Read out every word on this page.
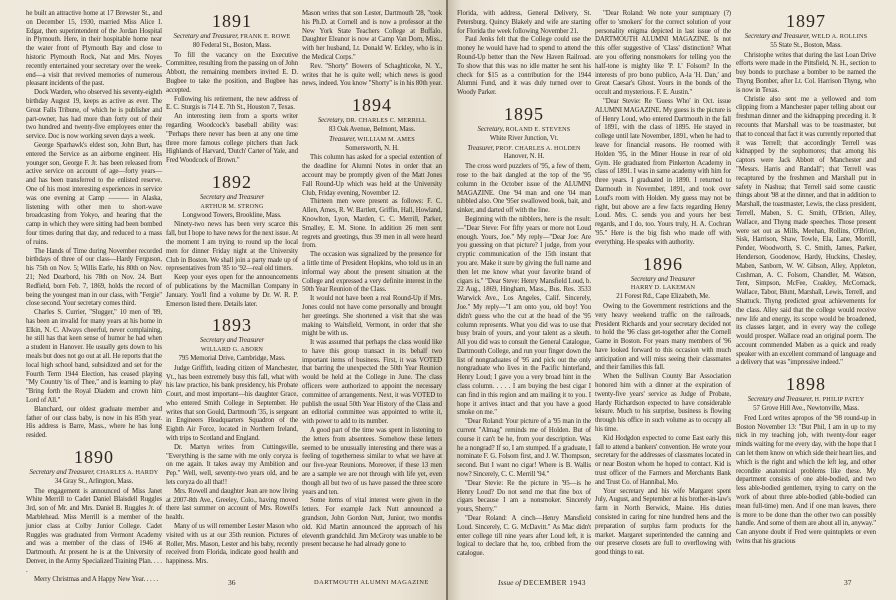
he built an attractive home at 17 Brewster St., and on December 15, 1930, married Miss Alice I. Edgar, then superintendent of the Jordan Hospital in Plymouth. Here, in their hospitable home near the water front of Plymouth Bay and close to historic Plymouth Rock, Nat and Mrs. Noyes recently entertained your secretary over the week-end—a visit that revived memories of numerous pleasant incidents of the past.

Dock Warden, who observed his seventy-eighth birthday August 19, keeps as active as ever. The Great Falls Tribune, of which he is publisher and part-owner, has had more than forty out of their two hundred and twenty-five employees enter the service. Doc is now working seven days a week.

George Sparhawk's eldest son, John Burt, has entered the Service as an airborne engineer. His younger son, George F. Jr. has been released from active service on account of age—forty years—and has been transferred to the enlisted reserve. One of his most interesting experiences in service was one evening at Camp ——— in Alaska, listening with other men to short-wave broadcasting from Yokyo, and hearing that the camp in which they were sitting had been bombed four times during that day, and reduced to a mass of ruins.

The Hands of Time during November recorded birthdays of three of our class—Hardy Ferguson, his 75th on Nov. 5; Willis Earle, his 80th on Nov. 21; Ned Dearbord, his 78th on Nov. 24. Burt Redfield, born Feb. 7, 1869, holds the record of being the youngest man in our class, with "Fergie" close second. Your secretary comes third.

Charles S. Currier, "Slugger," 10 men of '89, has been an invalid for many years at his home in Elkin, N. C. Always cheerful, never complaining, he still has that keen sense of humor he had when a student in Hanover. He usually gets down to his meals but does not go out at all. He reports that the local high school band, subsidized and set for the Fourth Term 1944 Election, has ceased playing "My Country 'tis of Thee," and is learning to play "Bring forth the Royal Diadem and crown him Lord of All."

Blanchard, our oldest graduate member and father of our class baby, is now in his 85th year. His address is Barre, Mass., where he has long resided.

1890
Secretary and Treasurer, CHARLES A. HARDY
34 Gray St., Arlington, Mass.

The engagement is announced of Miss Janet White Merrill to Cadet Daniel Blaisdell Ruggles 3rd, son of Mr. and Mrs. Daniel B. Ruggles Jr. of Marblehead. Miss Merrill is a member of the junior class at Colby Junior College. Cadet Ruggles was graduated from Vermont Academy and was a member of the class of 1946 at Dartmouth. At present he is at the University of Denver, in the Army Specialized Training Plan. . . . .

Merry Christmas and A Happy New Year. . . . .

1891
Secretary and Treasurer, FRANK E. ROWE
80 Federal St., Boston, Mass.

To fill the vacancy on the Executive Committee, resulting from the passing on of John Abbott, the remaining members invited E. D. Bugbee to take the position, and Bugbee has accepted.

Following his retirement, the new address of E. C. Sturgis is 714 E. 7th St., Houston 7, Texas.

An interesting item from a sports writer regarding Woodcock's baseball ability was: "Perhaps there never has been at any one time three more famous college pitchers than Jack Highlands of Harvard, 'Dutch' Carter of Yale, and Fred Woodcock of Brown."

1892
Secretary and Treasurer
ARTHUR M. STRONG
Longwood Towers, Brookline, Mass.

Ninety-two news has been very scarce this fall, but I hope to have news for the next issue. At the moment I am trying to round up the local men for dinner Friday night at the University Club in Boston. We shall join a party made up of representatives from '85 to '92—real old timers.

Keep your eyes open for the announcements of publications by the Macmillan Company in January. You'll find a volume by Dr. W. R. P. Emerson listed there. Details later.

1893
Secretary and Treasurer
WILLARD G. ABORN
795 Memorial Drive, Cambridge, Mass.

Judge Griffith, leading citizen of Manchester, Vt., has been extremely busy this fall, what with his law practice, his bank presidency, his Probate Court, and most important—his daughter Grace, who entered Smith College in September. He writes that son Gould, Dartmouth '35, is sergeant in Engineers Headquarters Squadron of the Eighth Air Force, located in Northern Ireland, with trips to Scotland and England.

Dr. Martyn writes from Cuttingsville, "Everything is the same with me only coryza is on me again. It takes away my Ambition and Pep." Well, well, seventy-two years old, and he lets coryza do all that!!

Mrs. Rowell and daughter Jean are now living at 2007-8th Ave., Greeley, Colo., having moved there last summer on account of Mrs. Rowell's health.

Many of us will remember Lester Mason who visited with us at our 35th reunion. Pictures of Roller, Mrs. Mason, Lester and his baby, recently received from Florida, indicate good health and happiness. Mrs.

Mason writes that son Lester, Dartmouth '28, "took his Ph.D. at Cornell and is now a professor at the New York State Teachers College at Buffalo. Daughter Eleanor is now at Camp Van Dorn, Miss., with her husband, Lt. Donald W. Eckley, who is in the Medical Corps."

Rev. "Shorty" Bowers of Schaghticoke, N. Y., writes that he is quite well; which news is good news, indeed. You know "Shorty" is in his 80th year.

1894
Secretary, DR. CHARLES C. MERRILL
83 Oak Avenue, Belmont, Mass.
Treasurer, WILLIAM M. AMES
Somersworth, N. H.

This column has asked for a special extention of the deadline for Alumni Notes in order that an account may be promptly given of the Matt Jones Fall Round-Up which was held at the University Club, Friday evening, November 12.

Thirteen men were present as follows: F. C. Allen, Ames, R. W. Bartlett, Griffin, Hall, Howland, Knowlton, Lyon, Marden, C. C. Merrill, Parker, Smalley, E. M. Stone. In addition 26 men sent regrets and greetings, thus 39 men in all were heard from.

The occasion was signalized by the presence for a little time of President Hopkins, who told us in an informal way about the present situation at the College and expressed a very definite interest in the 50th Year Reunion of the Class.

It would not have been a real Round-Up if Mrs. Jones could not have come personally and brought her greetings. She shortened a visit that she was making to Waitsfield, Vermont, in order that she might be with us.

It was assumed that perhaps the class would like to have this group transact in its behalf two important items of business. First, it was VOTED that barring the unexpected the 50th Year Reunion would be held at the College in June. The class officers were authorized to appoint the necessary committee of arrangements. Next, it was VOTED to publish the usual 50th Year History of the Class and an editorial committee was appointed to write it, with power to add to its number.

A good part of the time was spent in listening to the letters from absentees. Somehow these letters seemed to be unusually interesting and there was a feeling of togetherness similar to what we have at our five-year Reunions. Moreover, if these 13 men are a sample we are not through with life yet, even though all but two of us have passed the three score years and ten.

Some items of vital interest were given in the letters. For example Jack Nutt announced a grandson, John Gordon Nutt, Junior, two months old. Kid Martin announced the approach of his eleventh grandchild. Jim McGroty was unable to be present because he had already gone to

36	DARTMOUTH ALUMNI MAGAZINE

Florida, with address, General Delivery, St. Petersburg. Quincy Blakely and wife are starting for Florida the week following November 21.

Paul Jenks felt that the College could use the money he would have had to spend to attend the Round-Up better than the New Haven Railroad. To show that this was no idle matter he sent his check for $15 as a contribution for the 1944 Alumni Fund, and it was duly turned over to Woody Parker.

1895
Secretary, ROLAND E. STEVENS
White River Junction, Vt.
Treasurer, PROF. CHARLES A. HOLDEN
Hanover, N. H.

The cross word puzzlers of '95, a few of them, rose to the bait dangled at the top of the '95 column in the October issue of the ALUMNI MAGAZINE. One '94 man and one '04 man nibbled also. One '95er swallowed book, bait, and sinker, and darted off with the line.

Beginning with the nibblers, here is the result:—"Dear Steve: For fifty years or more not Loud enough. Yours, Joe." My reply—"Dear Joe: Are you guessing on that picture? I judge, from your cryptic communication of the 15th instant that you are. Make it sure by giving the full name and then let me know what your favorite brand of cigars is." "Dear Steve: Henry Mansfield Loud, b. 22 Aug., 1869, Hingham, Mass., Bus. Res. 3533 Warwick Ave., Los Angeles, Calif. Sincerely, Joe." My reply—"I am onto you, old boy! You didn't guess who the cut at the head of the '95 column represents. What you did was to use that busy brain of yours, and your talent as a sleuth. All you did was to consult the General Catalogue, Dartmouth College, and run your finger down the list of nongraduates of '95 and pick out the only nongraduate who lives in the Pacific hinterland, Henry Loud; I gave you a very broad hint in the class column. . . . . I am buying the best cigar I can find in this region and am mailing it to you. I hope it arrives intact and that you have a good smoke on me."

"Dear Roland: Your picture of a '95 man in the current "Almag" reminds me of Holden. But of course it can't be he, from your description. Was he a nongrad? If so, I am stumped. If a graduate, I nominate F. G. Folsom first, and J. W. Thompson, second. But I want no cigar! Where is B. Wallis now? Sincerely, C. C. Merrill '94."

"Dear Stevie: Re the picture in '95—is he Henry Loud? Do not send me that fine box of cigars because I am a nonsmoker. Sincerely yours, Sherry."

"Dear Roland: A cinch—Henry Mansfield Loud. Sincerely, C. G. McDavitt." As Mac didn't enter college till nine years after Loud left, it is logical to declare that he, too, cribbed from the catalogue.

"Dear Roland: We note your sumptuary (?) offer to 'smokers' for the correct solution of your personality enigma depicted in last issue of the DARTMOUTH ALUMNI MAGAZINE. Is not this offer suggestive of 'Class' distinction? What are you offering nonsmokers for telling you the half-tone is mighty like 'P. I.' Folsom? In the interests of pro bono publico, A-la 'H. Dan,' and Great Caesar's Ghost. Yours in the bonds of the occult and mysterious. F. E. Austin."

"Dear Stevie: Re 'Guess Who' in Oct. issue ALUMNI MAGAZINE. My guess is the picture is of Henry Loud, who entered Dartmouth in the fall of 1891, with the class of 1895. He stayed in college until late November, 1891, when he had to leave for financial reasons. He roomed with Holden '95, in the Miner House in rear of old Gym. He graduated from Pinkerton Academy in class of 1891. I was in same academy with him for three years. I graduated in 1890. I returned to Darmouth in November, 1891, and took over Loud's room with Holden. My guess may not be right, but above are a few facts regarding Henry Loud. Mrs. C. sends you and yours her best regards, and I do, too. Yours truly, H. A. Cochran '95." Here is the big fish who made off with everything. He speaks with authority.

1896
Secretary and Treasurer
HARRY D. LAKEMAN
21 Forest Rd., Cape Elizabeth, Me.

Owing to the Government restrictions and the very heavy weekend traffic on the railroads, President Richards and your secretary decided not to hold the '96 class get-together after the Cornell Game in Boston. For years many members of '96 have looked forward to this occasion with much anticipation and will miss seeing their classmates and their families this fall.

When the Sullivan County Bar Association honored him with a dinner at the expiration of twenty-five years' service as Judge of Probate, Hardy Richardson expected to have considerable leisure. Much to his surprise, business is flowing through his office in such volume as to occupy all his time.

Kid Hodgdon expected to come East early this fall to attend a bankers' convention. He wrote your secretary for the addresses of classmates located in or near Boston whom he hoped to contact. Kid is trust officer of the Farmers and Merchants Bank and Trust Co. of Hannibal, Mo.

Your secretary and his wife Margaret spent July, August, and September at his brother-in-law's farm in North Berwick, Maine. His duties consisted in caring for nine hundred hens and the preparation of surplus farm products for the market. Margaret superintended the canning and our preserve closets are full to overflowing with good things to eat.

1897
Secretary and Treasurer, WELD A. ROLLINS
55 State St., Boston, Mass.

Christophe writes that during the last Loan Drive efforts were made in the Pittsfield, N. H., section to buy bonds to purchase a bomber to be named the Thyng Bomber, after Lt. Col. Harrison Thyng, who is now in Texas.

Christie also sent me a yellowed and torn clipping from a Manchester paper telling about our freshman dinner and the kidnapping preceding it. It recounts that Marshall was to be toastmaster, but that to conceal that fact it was currently reported that it was Terrell; that accordingly Terrell was kidnapped by the sophomores; that among his captors were Jack Abbott of Manchester and "Messrs. Harris and Randall"; that Terrell was recaptured by the freshmen and Marshall put in safety in Nashua; that Terrell said some caustic things about '98 at the dinner, and that in addition to Marshall, the toastmaster, Lewis, the class president, Terrell, Maben, S. C. Smith, O'Brien, Alley, Wallace, and Thyng made speeches. Those present were set out as Mills, Meehan, Rollins, O'Brion, Sisk, Harrison, Shaw, Towle, Ela, Lane, Morrill, Pender, Woodworth, S. C. Smith, James, Parker, Henderson, Goodenow, Hardy, Huckins, Chesley, Maben, Sanborn, W. W. Gibson, Alley, Appleton, Cushman, A. C. Folsom, Chandler, M. Watson, Tent, Simpson, McFee, Coakley, McCornack, Wallace, Tabor, Blunt, Marshall, Lewis, Terrell, and Shattuck. Thyng predicted great achievements for the class. Alley said that the college would receive new life and energy, its scope would be broadened, its classes larger, and in every way the college would prosper. Wallace read an original poem. The account commended Maben as a quick and ready speaker with an excellent command of language and a delivery that was "impressive indeed."

1898
Secretary and Treasurer, H. PHILIP PATEY
57 Grove Hill Ave., Newtonville, Mass.

Fred Lord writes apropos of the '98 round-up in Boston November 13: "But Phil, I am in up to my nick in my teaching job, with twenty-four eager minds waiting for me every day, with the hope that I can let them know on which side their heart lies, and which is the right and which the left leg, and other recondite anatomical problems like these. My department consists of one able-bodied, and two less able-bodied gentlemen, trying to carry on the work of about three able-bodied (able-bodied can mean full-time) men. And if one man leaves, there is more to be done than the other two can possibly handle. And some of them are about all in, anyway." Can anyone doubt if Fred were quintuplets or even twins that his gracious

Issue of DECEMBER 1943	37
